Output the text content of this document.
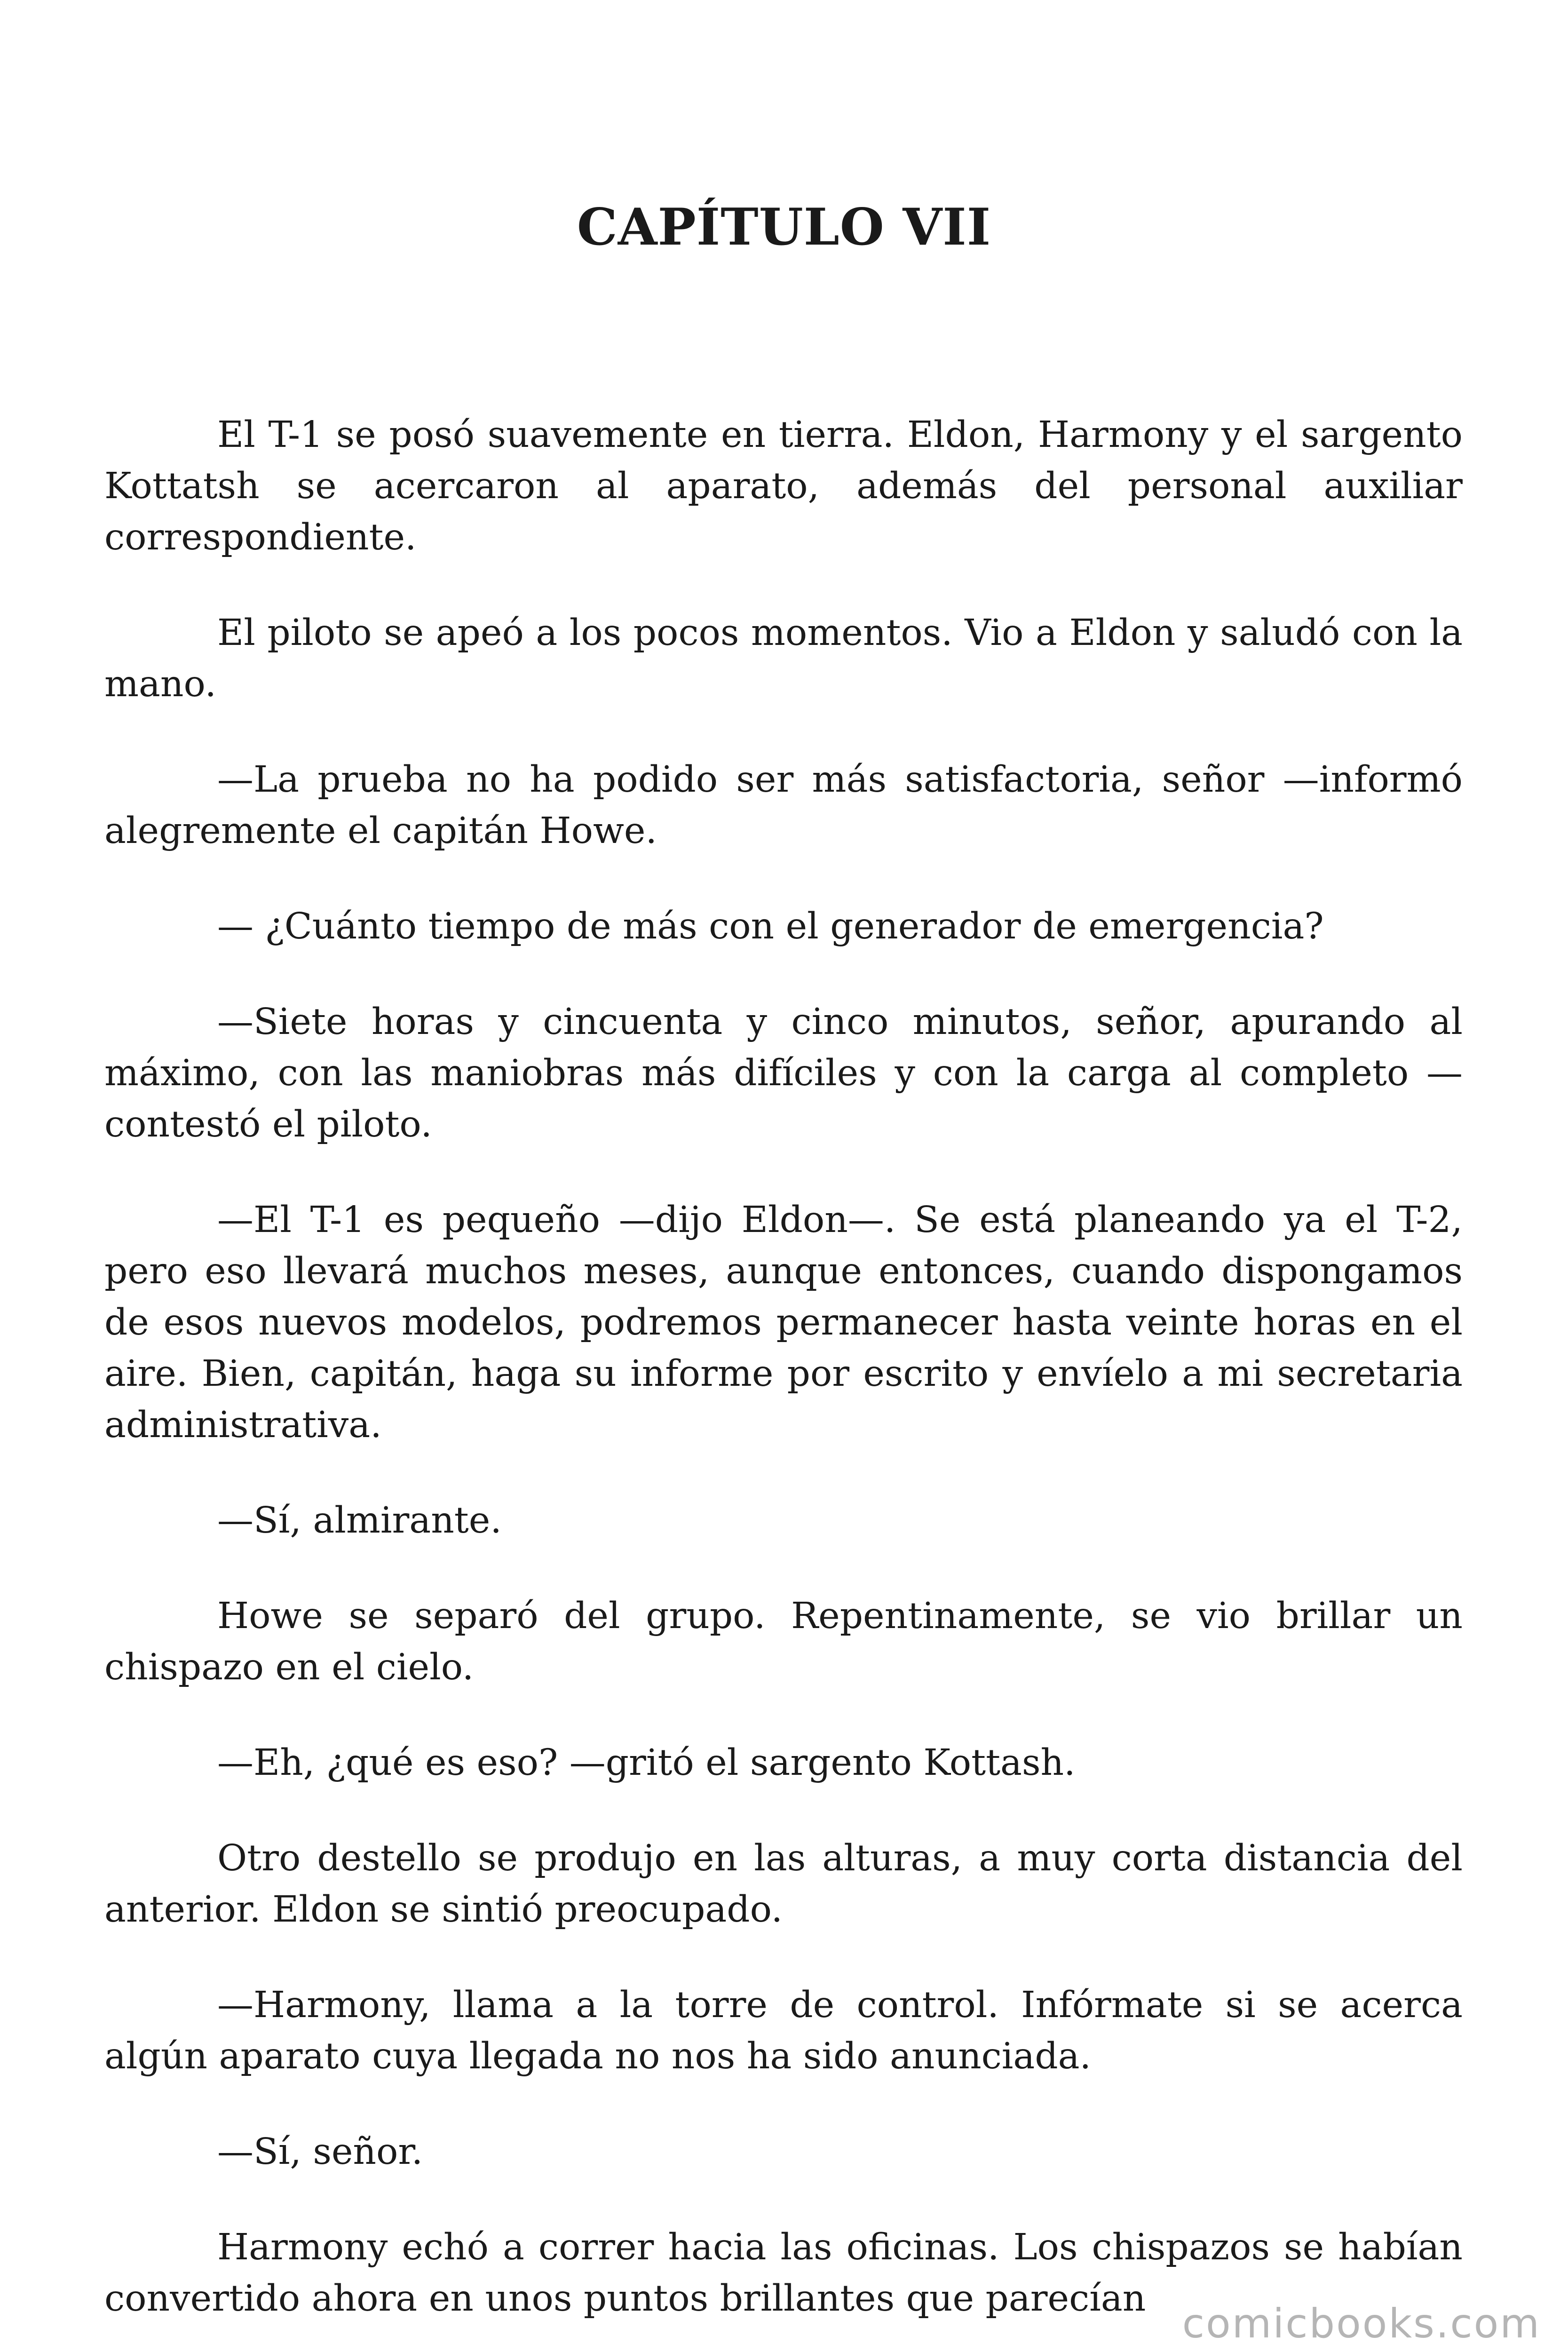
CAPÍTULO VII

El T-1 se posó suavemente en tierra. Eldon, Harmony y el sargento Kottatsh se acercaron al aparato, además del personal auxiliar correspondiente.

El piloto se apeó a los pocos momentos. Vio a Eldon y saludó con la mano.

—La prueba no ha podido ser más satisfactoria, señor —informó alegremente el capitán Howe.

— ¿Cuánto tiempo de más con el generador de emergencia?

—Siete horas y cincuenta y cinco minutos, señor, apurando al máximo, con las maniobras más difíciles y con la carga al completo — contestó el piloto.

—El T-1 es pequeño —dijo Eldon—. Se está planeando ya el T-2, pero eso llevará muchos meses, aunque entonces, cuando dispongamos de esos nuevos modelos, podremos permanecer hasta veinte horas en el aire. Bien, capitán, haga su informe por escrito y envíelo a mi secretaria administrativa.

—Sí, almirante.

Howe se separó del grupo. Repentinamente, se vio brillar un chispazo en el cielo.

—Eh, ¿qué es eso? —gritó el sargento Kottash.

Otro destello se produjo en las alturas, a muy corta distancia del anterior. Eldon se sintió preocupado.

—Harmony, llama a la torre de control. Infórmate si se acerca algún aparato cuya llegada no nos ha sido anunciada.

—Sí, señor.

Harmony echó a correr hacia las oficinas. Los chispazos se habían convertido ahora en unos puntos brillantes que parecían

comicbooks.com
